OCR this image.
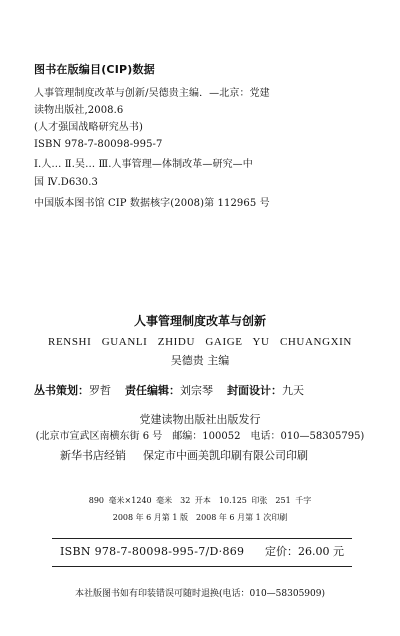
图书在版编目(CIP)数据
人事管理制度改革与创新/吴德贵主编．—北京：党建
读物出版社,2008.6
(人才强国战略研究丛书)
ISBN 978-7-80098-995-7
Ⅰ.人… Ⅱ.吴… Ⅲ.人事管理—体制改革—研究—中
国 Ⅳ.D630.3
中国版本图书馆 CIP 数据核字(2008)第 112965 号
人事管理制度改革与创新
RENSHI GUANLI ZHIDU GAIGE YU CHUANGXIN
吴德贵 主编
丛书策划：罗哲 责任编辑：刘宗琴 封面设计：九天
党建读物出版社出版发行
(北京市宣武区南横东街 6 号　邮编：100052　电话：010—58305795)
新华书店经销 保定市中画美凯印刷有限公司印刷
890 毫米×1240 毫米　32 开本　10.125 印张　251 千字
2008 年 6 月第 1 版　2008 年 6 月第 1 次印刷
ISBN 978-7-80098-995-7/D·869 定价：26.00 元
本社版图书如有印装错误可随时退换(电话：010—58305909)
